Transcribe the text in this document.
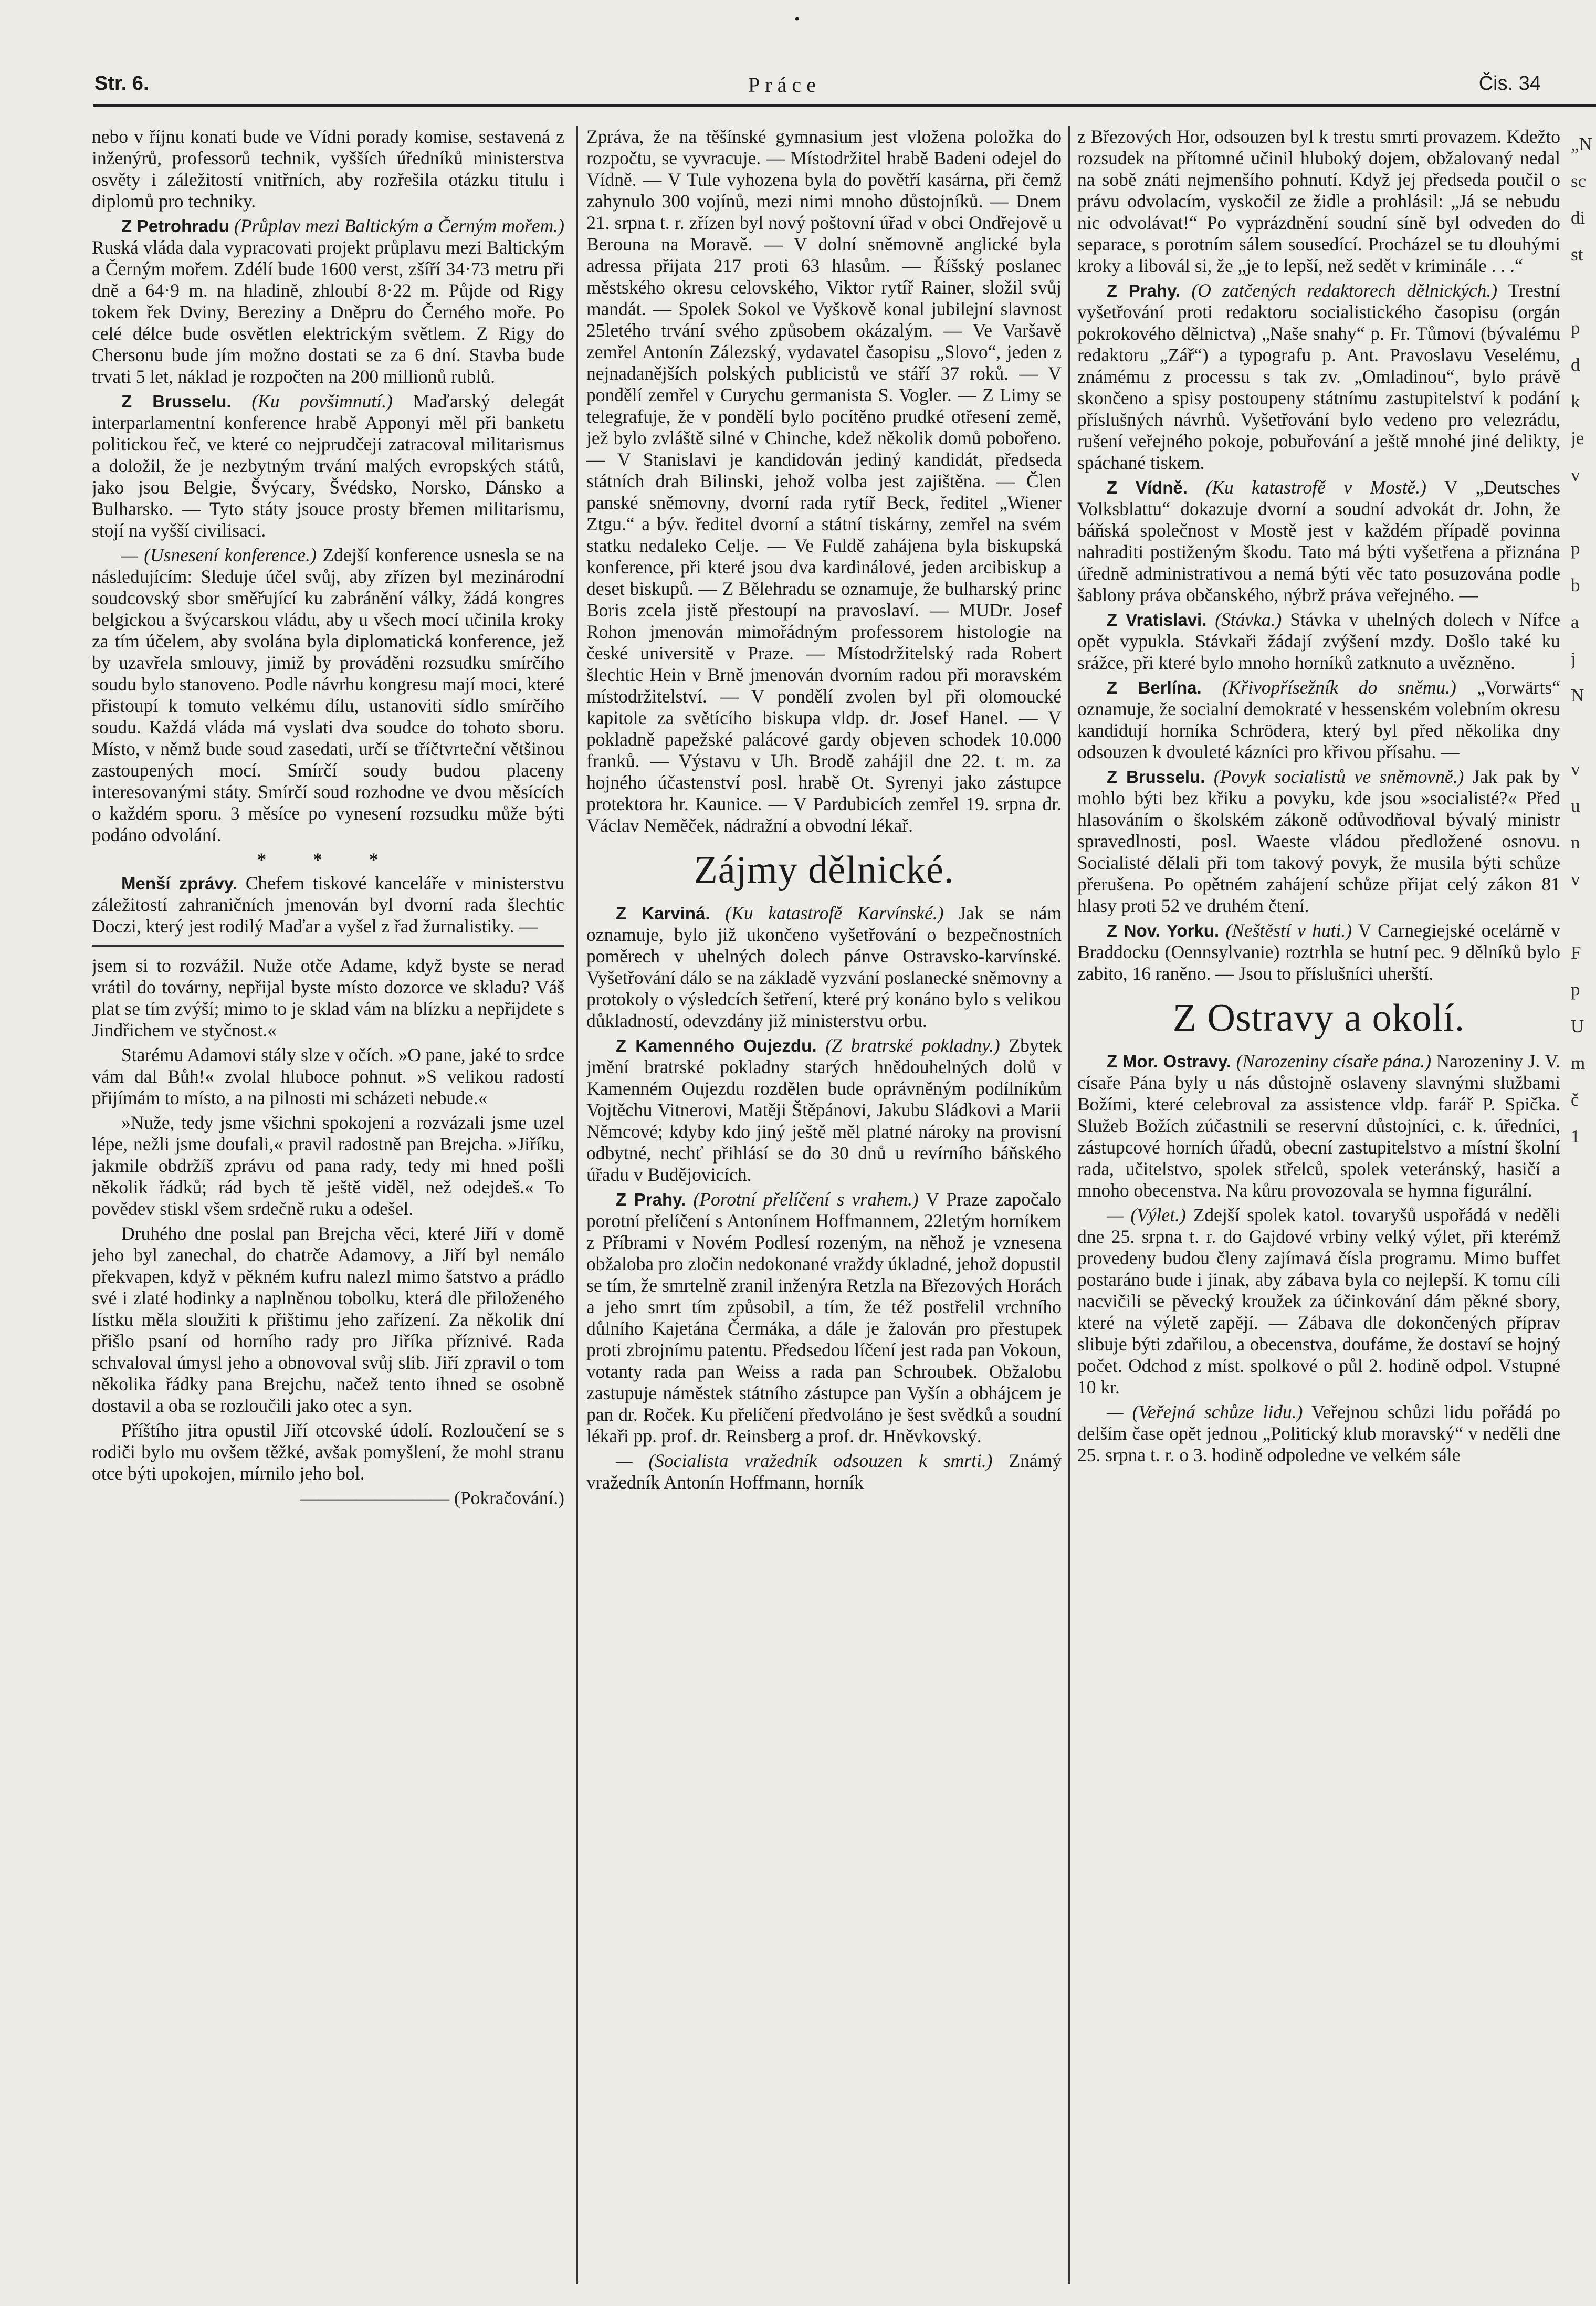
•
Str. 6.	Práce	Čis. 34

nebo v říjnu konati bude ve Vídni porady komise, sestavená z inženýrů, professorů technik, vyšších úředníků ministerstva osvěty i záležitostí vnitřních, aby rozřešila otázku titulu i diplomů pro techniky.

Z Petrohradu (Průplav mezi Baltickým a Černým mořem.) Ruská vláda dala vypracovati projekt průplavu mezi Baltickým a Černým mořem. Zdélí bude 1600 verst, zšíří 34·73 metru při dně a 64·9 m. na hladině, zhloubí 8·22 m. Půjde od Rigy tokem řek Dviny, Bereziny a Dněpru do Černého moře. Po celé délce bude osvětlen elektrickým světlem. Z Rigy do Chersonu bude jím možno dostati se za 6 dní. Stavba bude trvati 5 let, náklad je rozpočten na 200 millionů rublů.

Z Brusselu. (Ku povšimnutí.) Maďarský delegát interparlamentní konference hrabě Apponyi měl při banketu politickou řeč, ve které co nejprudčeji zatracoval militarismus a doložil, že je nezbytným trvání malých evropských států, jako jsou Belgie, Švýcary, Švédsko, Norsko, Dánsko a Bulharsko. — Tyto státy jsoucе prosty břemen militarismu, stojí na vyšší civilisaci.

— (Usnesení konference.) Zdejší konference usnesla se na následujícím: Sleduje účel svůj, aby zřízen byl mezinárodní soudcovský sbor směřující ku zabránění války, žádá kongres belgickou a švýcarskou vládu, aby u všech mocí učinila kroky za tím účelem, aby svolána byla diplomatická konference, jež by uzavřela smlouvy, jimiž by prováděni rozsudku smírčího soudu bylo stanoveno. Podle návrhu kongresu mají moci, které přistoupí k tomuto velkému dílu, ustanoviti sídlo smírčího soudu. Každá vláda má vyslati dva soudce do tohoto sboru. Místo, v němž bude soud zasedati, určí se tříčtvrteční většinou zastoupených mocí. Smírčí soudy budou placeny interesovanými státy. Smírčí soud rozhodne ve dvou měsících o každém sporu. 3 měsíce po vynesení rozsudku může býti podáno odvolání.

* * *

Menší zprávy. Chefem tiskové kanceláře v ministerstvu záležitostí zahraničních jmenován byl dvorní rada šlechtic Doczi, který jest rodilý Maďar a vyšel z řad žurnalistiky. —

jsem si to rozvážil. Nuže otče Adame, když byste se nerad vrátil do továrny, nepřijal byste místo dozorce ve skladu? Váš plat se tím zvýší; mimo to je sklad vám na blízku a nepřijdete s Jindřichem ve styčnost.«

Starému Adamovi stály slze v očích. »O pane, jaké to srdce vám dal Bůh!« zvolal hluboce pohnut. »S velikou radostí přijímám to místo, a na pilnosti mi scházeti nebude.«

»Nuže, tedy jsme všichni spokojeni a rozvázali jsme uzel lépe, nežli jsme doufali,« pravil radostně pan Brejcha. »Jiříku, jakmile obdržíš zprávu od pana rady, tedy mi hned pošli několik řádků; rád bych tě ještě viděl, než odejdeš.« To povědev stiskl všem srdečně ruku a odešel.

Druhého dne poslal pan Brejcha věci, které Jiří v domě jeho byl zanechal, do chatrče Adamovy, a Jiří byl nemálo překvapen, když v pěkném kufru nalezl mimo šatstvo a prádlo své i zlaté hodinky a naplněnou tobolku, která dle přiloženého lístku měla sloužiti k přištimu jeho zařízení. Za několik dní přišlo psaní od horního rady pro Jiříka příznivé. Rada schvaloval úmysl jeho a obnovoval svůj slib. Jiří zpravil o tom několika řádky pana Brejchu, načež tento ihned se osobně dostavil a oba se rozloučili jako otec a syn.

Příštího jitra opustil Jiří otcovské údolí. Rozloučení se s rodiči bylo mu ovšem těžké, avšak pomyšlení, že mohl stranu otce býti upokojen, mírnilo jeho bol.

———————— (Pokračování.)

Zpráva, že na těšínské gymnasium jest vložena položka do rozpočtu, se vyvracuje. — Místodržitel hrabě Badeni odejel do Vídně. — V Tule vyhozena byla do povětří kasárna, při čemž zahynulo 300 vojínů, mezi nimi mnoho důstojníků. — Dnem 21. srpna t. r. zřízen byl nový poštovní úřad v obci Ondřejově u Berouna na Moravě. — V dolní sněmovně anglické byla adressa přijata 217 proti 63 hlasům. — Říšský poslanec městského okresu celovského, Viktor rytíř Rainer, složil svůj mandát. — Spolek Sokol ve Vyškově konal jubilejní slavnost 25letého trvání svého způsobem okázalým. — Ve Varšavě zemřel Antonín Zálezský, vydavatel časopisu „Slovo“, jeden z nejnadanějších polských publicistů ve stáří 37 roků. — V pondělí zemřel v Curychu germanista S. Vogler. — Z Limy se telegrafuje, že v pondělí bylo pocítěno prudké otřesení země, jež bylo zvláště silné v Chinche, kdež několik domů pobořeno. — V Stanislavi je kandidován jediný kandidát, předseda státních drah Bilinski, jehož volba jest zajištěna. — Člen panské sněmovny, dvorní rada rytíř Beck, ředitel „Wiener Ztgu.“ a býv. ředitel dvorní a státní tiskárny, zemřel na svém statku nedaleko Celje. — Ve Fuldě zahájena byla biskupská konference, při které jsou dva kardinálové, jeden arcibiskup a deset biskupů. — Z Bělehradu se oznamuje, že bulharský princ Boris zcela jistě přestoupí na pravoslaví. — MUDr. Josef Rohon jmenován mimořádným professorem histologie na české universitě v Praze. — Místodržitelský rada Robert šlechtic Hein v Brně jmenován dvorním radou při moravském místodržitelství. — V pondělí zvolen byl při olomoucké kapitole za světícího biskupa vldp. dr. Josef Hanel. — V pokladně papežské palácové gardy objeven schodek 10.000 franků. — Výstavu v Uh. Brodě zahájil dne 22. t. m. za hojného účastenství posl. hrabě Ot. Syrenyi jako zástupce protektora hr. Kaunice. — V Pardubicích zemřel 19. srpna dr. Václav Neměček, nádražní a obvodní lékař.

Zájmy dělnické.

Z Karviná. (Ku katastrofě Karvínské.) Jak se nám oznamuje, bylo již ukončeno vyšetřování o bezpečnostních poměrech v uhelných dolech pánve Ostravsko-karvínské. Vyšetřování dálo se na základě vyzvání poslanecké sněmovny a protokoly o výsledcích šetření, které prý konáno bylo s velikou důkladností, odevzdány již ministerstvu orbu.

Z Kamenného Oujezdu. (Z bratrské pokladny.) Zbytek jmění bratrské pokladny starých hnědouhelných dolů v Kamenném Oujezdu rozdělen bude oprávněným podílníkům Vojtěchu Vitnerovi, Matěji Štěpánovi, Jakubu Sládkovi a Marii Němcové; kdyby kdo jiný ještě měl platné nároky na provisní odbytné, nechť přihlásí se do 30 dnů u revírního báňského úřadu v Budějovicích.

Z Prahy. (Porotní přelíčení s vrahem.) V Praze započalo porotní přelíčení s Antonínem Hoffmannem, 22letým horníkem z Příbrami v Novém Podlesí rozeným, na něhož je vznesena obžaloba pro zločin nedokonané vraždy úkladné, jehož dopustil se tím, že smrtelně zranil inženýra Retzla na Březových Horách a jeho smrt tím způsobil, a tím, že též postřelil vrchního důlního Kajetána Čermáka, a dále je žalován pro přestupek proti zbrojnímu patentu. Předsedou líčení jest rada pan Vokoun, votanty rada pan Weiss a rada pan Schroubek. Obžalobu zastupuje náměstek státního zástupce pan Vyšín a obhájcem je pan dr. Roček. Ku přelíčení předvoláno je šest svědků a soudní lékaři pp. prof. dr. Reinsberg a prof. dr. Hněvkovský.

— (Socialista vražedník odsouzen k smrti.) Známý vražedník Antonín Hoffmann, horník

z Březových Hor, odsouzen byl k trestu smrti provazem. Kdežto rozsudek na přítomné učinil hluboký dojem, obžalovaný nedal na sobě znáti nejmenšího pohnutí. Když jej předseda poučil o právu odvolacím, vyskočil ze židle a prohlásil: „Já se nebudu nic odvolávat!“ Po vyprázdnění soudní síně byl odveden do separace, s porotním sálem sousedící. Procházel se tu dlouhými kroky a libovál si, že „je to lepší, než sedět v kriminále . . .“

Z Prahy. (O zatčených redaktorech dělnických.) Trestní vyšetřování proti redaktoru socialistického časopisu (orgán pokrokového dělnictva) „Naše snahy“ p. Fr. Tůmovi (bývalému redaktoru „Zář“) a typografu p. Ant. Pravoslavu Veselému, známému z processu s tak zv. „Omladinou“, bylo právě skončeno a spisy postoupeny státnímu zastupitelství k podání příslušných návrhů. Vyšetřování bylo vedeno pro velezrádu, rušení veřejného pokoje, pobuřování a ještě mnohé jiné delikty, spáchané tiskem.

Z Vídně. (Ku katastrofě v Mostě.) V „Deutsches Volksblattu“ dokazuje dvorní a soudní advokát dr. John, že báňská společnost v Mostě jest v každém případě povinna nahraditi postiženým škodu. Tato má býti vyšetřena a přiznána úředně administrativou a nemá býti věc tato posuzována podle šablony práva občanského, nýbrž práva veřejného. —

Z Vratislavi. (Stávka.) Stávka v uhelných dolech v Nífce opět vypukla. Stávkaři žádají zvýšení mzdy. Došlo také ku srážce, při které bylo mnoho horníků zatknuto a uvězněno.

Z Berlína. (Křivopřísežník do sněmu.) „Vorwärts“ oznamuje, že socialní demokraté v hessenském volebním okresu kandidují horníka Schrödera, který byl před několika dny odsouzen k dvouleté kázníci pro křivou přísahu. —

Z Brusselu. (Povyk socialistů ve sněmovně.) Jak pak by mohlo býti bez křiku a povyku, kde jsou »socialisté?« Před hlasováním o školském zákoně odůvodňoval bývalý ministr spravedlnosti, posl. Waeste vládou předložené osnovu. Socialisté dělali při tom takový povyk, že musila býti schůze přerušena. Po opětném zahájení schůze přijat celý zákon 81 hlasy proti 52 ve druhém čtení.

Z Nov. Yorku. (Neštěstí v huti.) V Carnegiejské ocelárně v Braddocku (Oennsylvanie) roztrhla se hutní pec. 9 dělníků bylo zabito, 16 raněno. — Jsou to příslušníci uherští.

Z Ostravy a okolí.

Z Mor. Ostravy. (Narozeniny císaře pána.) Narozeniny J. V. císaře Pána byly u nás důstojně oslaveny slavnými službami Božími, které celebroval za assistence vldp. farář P. Spička. Služeb Božích zúčastnili se reservní důstojníci, c. k. úředníci, zástupcové horních úřadů, obecní zastupitelstvo a místní školní rada, učitelstvo, spolek střelců, spolek veteránský, hasičí a mnoho obecenstva. Na kůru provozovala se hymna figurální.

— (Výlet.) Zdejší spolek katol. tovaryšů uspořádá v neděli dne 25. srpna t. r. do Gajdové vrbiny velký výlet, při kterémž provedeny budou členy zajímavá čísla programu. Mimo buffet postaráno bude i jinak, aby zábava byla co nejlepší. K tomu cíli nacvičili se pěvecký kroužek za účinkování dám pěkné sbory, které na výletě zapějí. — Zábava dle dokončených příprav slibuje býti zdařilou, a obecenstva, doufáme, že dostaví se hojný počet. Odchod z míst. spolkové o půl 2. hodině odpol. Vstupné 10 kr.

— (Veřejná schůze lidu.) Veřejnou schůzi lidu pořádá po delším čase opět jednou „Politický klub moravský“ v neděli dne 25. srpna t. r. o 3. hodině odpoledne ve velkém sále

„N
sc
di
st

p
d
k
je
v

p
b
a
j
N

v
u
n
v

F
p
U
m
č
1
